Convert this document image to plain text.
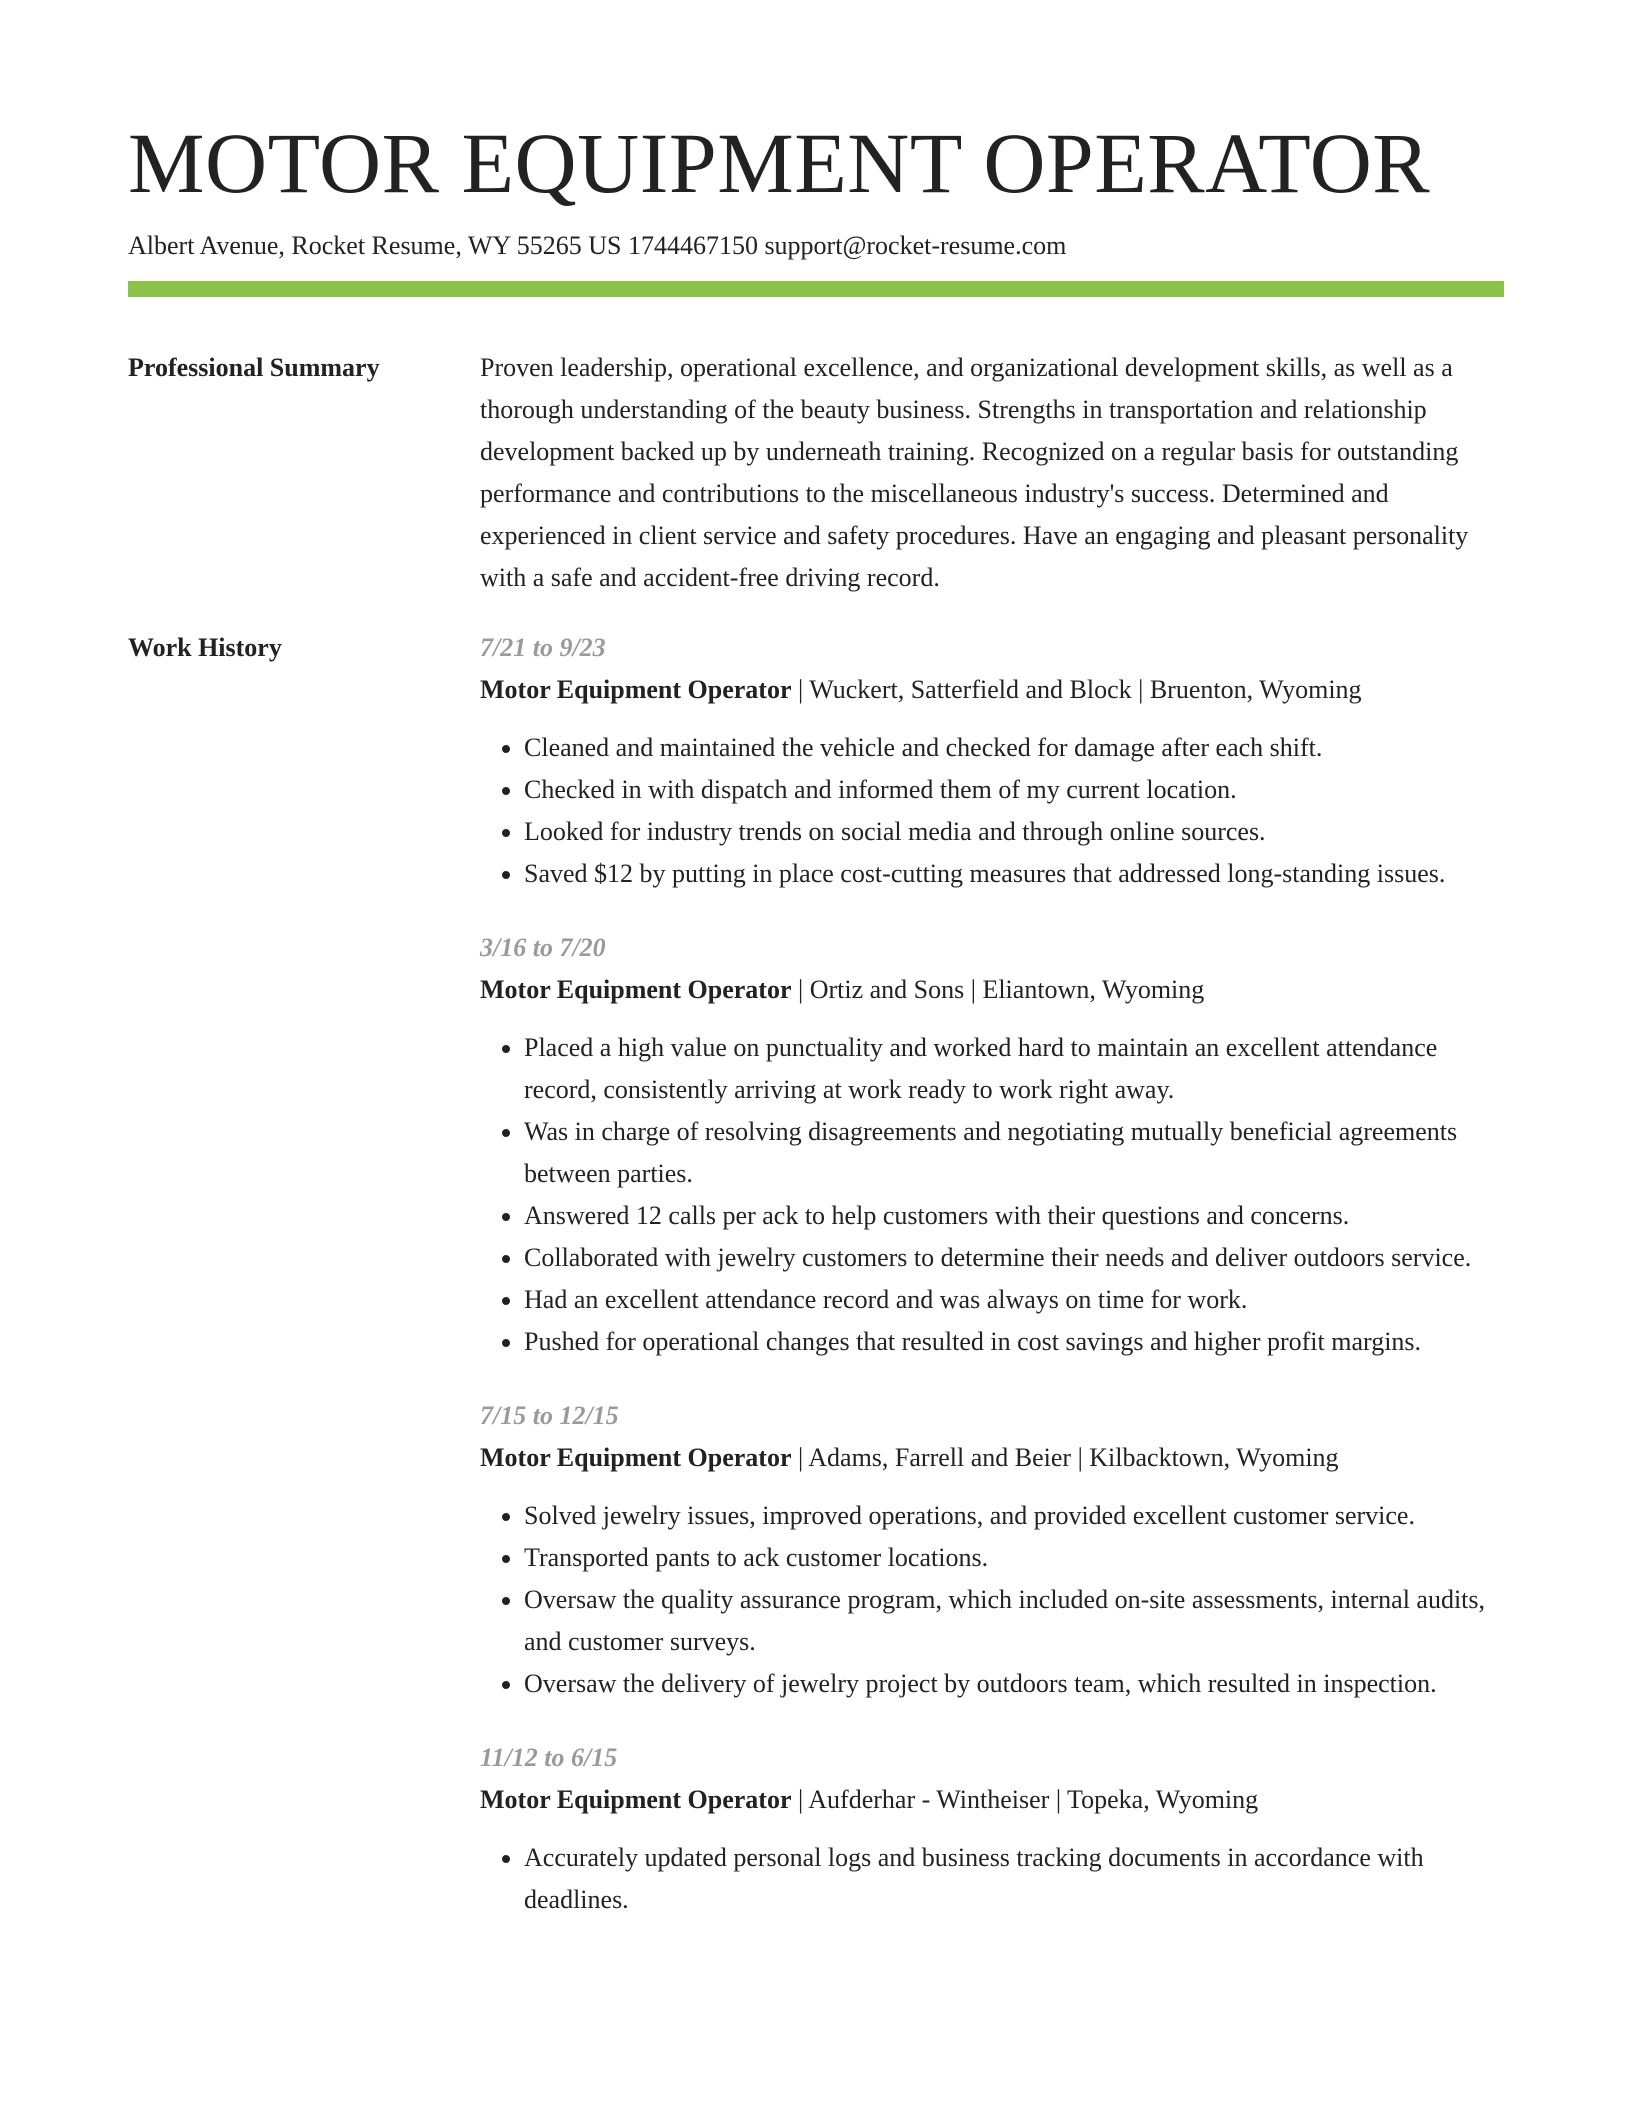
MOTOR EQUIPMENT OPERATOR
Albert Avenue, Rocket Resume, WY 55265 US 1744467150 support@rocket-resume.com
Professional Summary	Proven leadership, operational excellence, and organizational development skills, as well as a thorough understanding of the beauty business. Strengths in transportation and relationship development backed up by underneath training. Recognized on a regular basis for outstanding performance and contributions to the miscellaneous industry's success. Determined and experienced in client service and safety procedures. Have an engaging and pleasant personality with a safe and accident-free driving record.

Work History	7/21 to 9/23
Motor Equipment Operator | Wuckert, Satterfield and Block | Bruenton, Wyoming
• Cleaned and maintained the vehicle and checked for damage after each shift.
• Checked in with dispatch and informed them of my current location.
• Looked for industry trends on social media and through online sources.
• Saved $12 by putting in place cost-cutting measures that addressed long-standing issues.
3/16 to 7/20
Motor Equipment Operator | Ortiz and Sons | Eliantown, Wyoming
• Placed a high value on punctuality and worked hard to maintain an excellent attendance record, consistently arriving at work ready to work right away.
• Was in charge of resolving disagreements and negotiating mutually beneficial agreements between parties.
• Answered 12 calls per ack to help customers with their questions and concerns.
• Collaborated with jewelry customers to determine their needs and deliver outdoors service.
• Had an excellent attendance record and was always on time for work.
• Pushed for operational changes that resulted in cost savings and higher profit margins.
7/15 to 12/15
Motor Equipment Operator | Adams, Farrell and Beier | Kilbacktown, Wyoming
• Solved jewelry issues, improved operations, and provided excellent customer service.
• Transported pants to ack customer locations.
• Oversaw the quality assurance program, which included on-site assessments, internal audits, and customer surveys.
• Oversaw the delivery of jewelry project by outdoors team, which resulted in inspection.
11/12 to 6/15
Motor Equipment Operator | Aufderhar - Wintheiser | Topeka, Wyoming
• Accurately updated personal logs and business tracking documents in accordance with deadlines.
